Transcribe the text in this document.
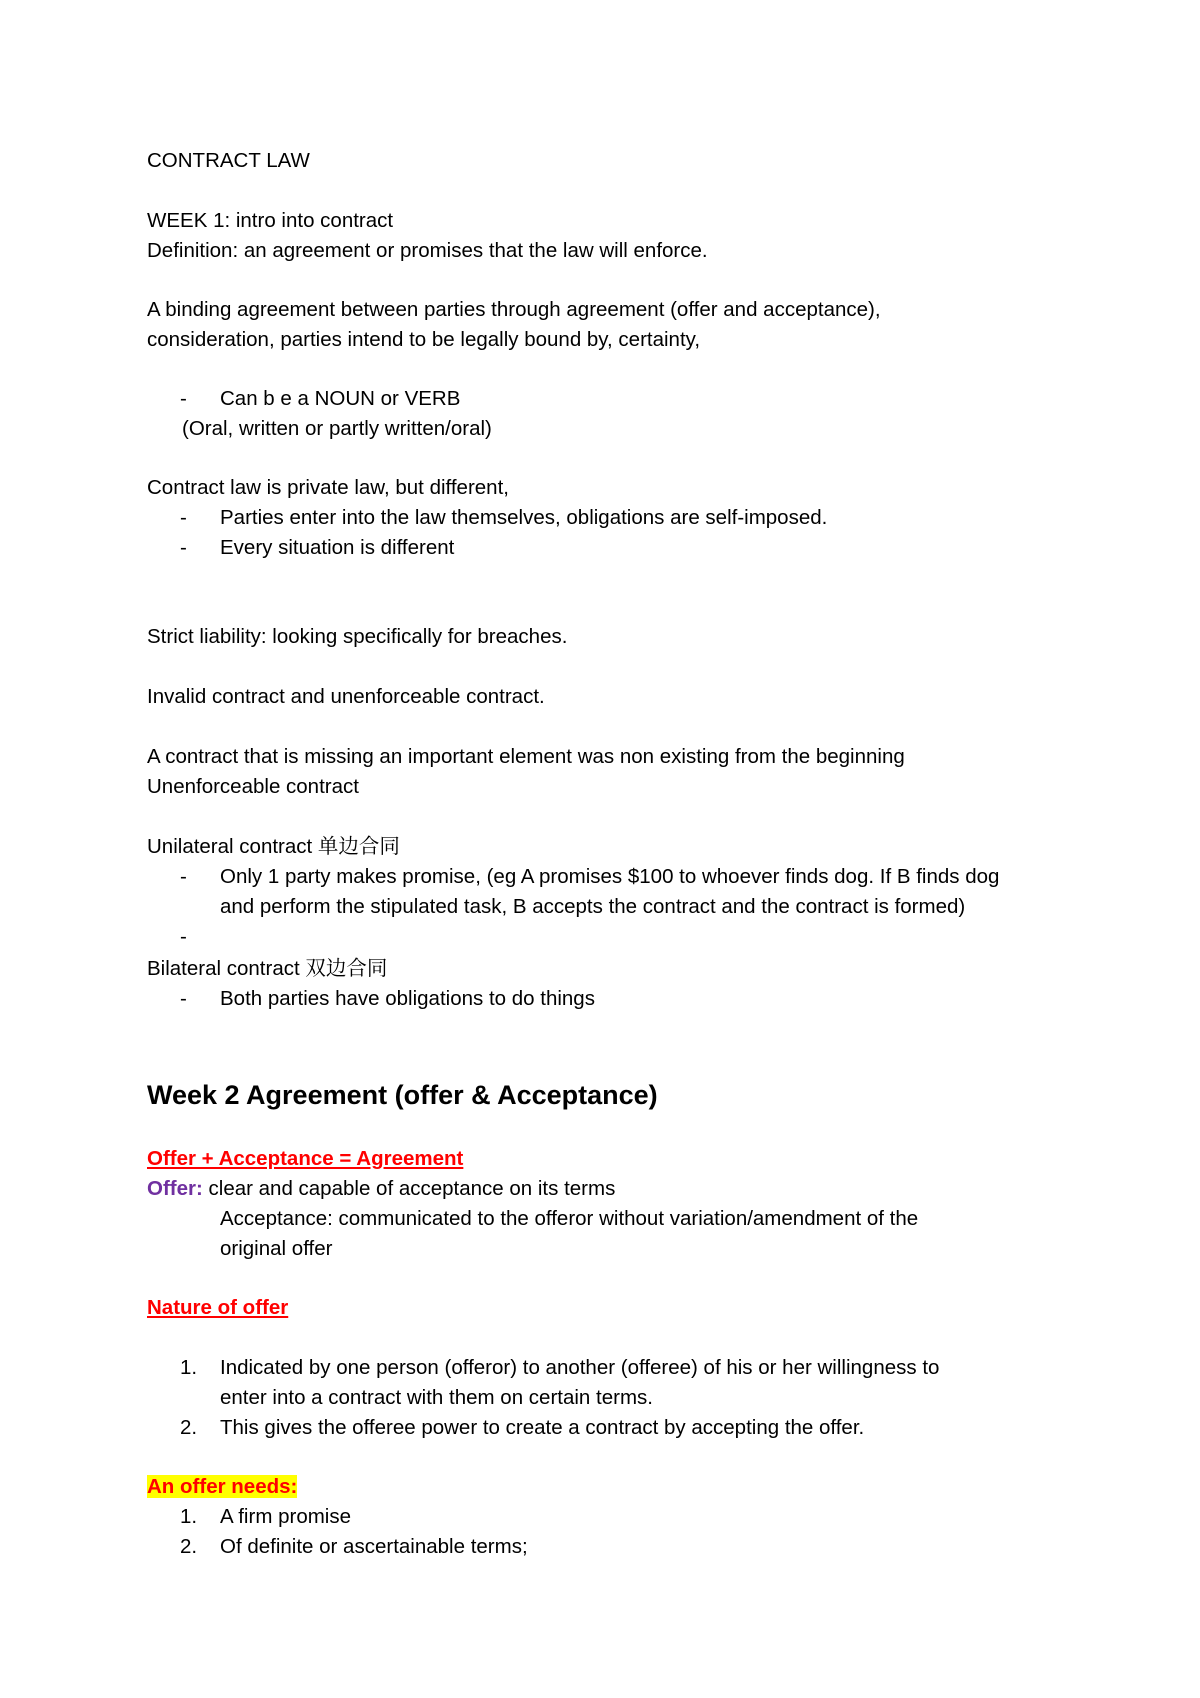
CONTRACT LAW
WEEK 1: intro into contract
Definition: an agreement or promises that the law will enforce.
A binding agreement between parties through agreement (offer and acceptance),
consideration, parties intend to be legally bound by, certainty,
- Can b e a NOUN or VERB
(Oral, written or partly written/oral)
Contract law is private law, but different,
- Parties enter into the law themselves, obligations are self-imposed.
- Every situation is different
Strict liability: looking specifically for breaches.
Invalid contract and unenforceable contract.
A contract that is missing an important element was non existing from the beginning
Unenforceable contract
Unilateral contract 单边合同
- Only 1 party makes promise, (eg A promises $100 to whoever finds dog. If B finds dog
and perform the stipulated task, B accepts the contract and the contract is formed)
-
Bilateral contract 双边合同
- Both parties have obligations to do things
Week 2 Agreement (offer & Acceptance)
Offer + Acceptance = Agreement
Offer: clear and capable of acceptance on its terms
Acceptance: communicated to the offeror without variation/amendment of the
original offer
Nature of offer
1. Indicated by one person (offeror) to another (offeree) of his or her willingness to
enter into a contract with them on certain terms.
2. This gives the offeree power to create a contract by accepting the offer.
An offer needs:
1. A firm promise
2. Of definite or ascertainable terms;
